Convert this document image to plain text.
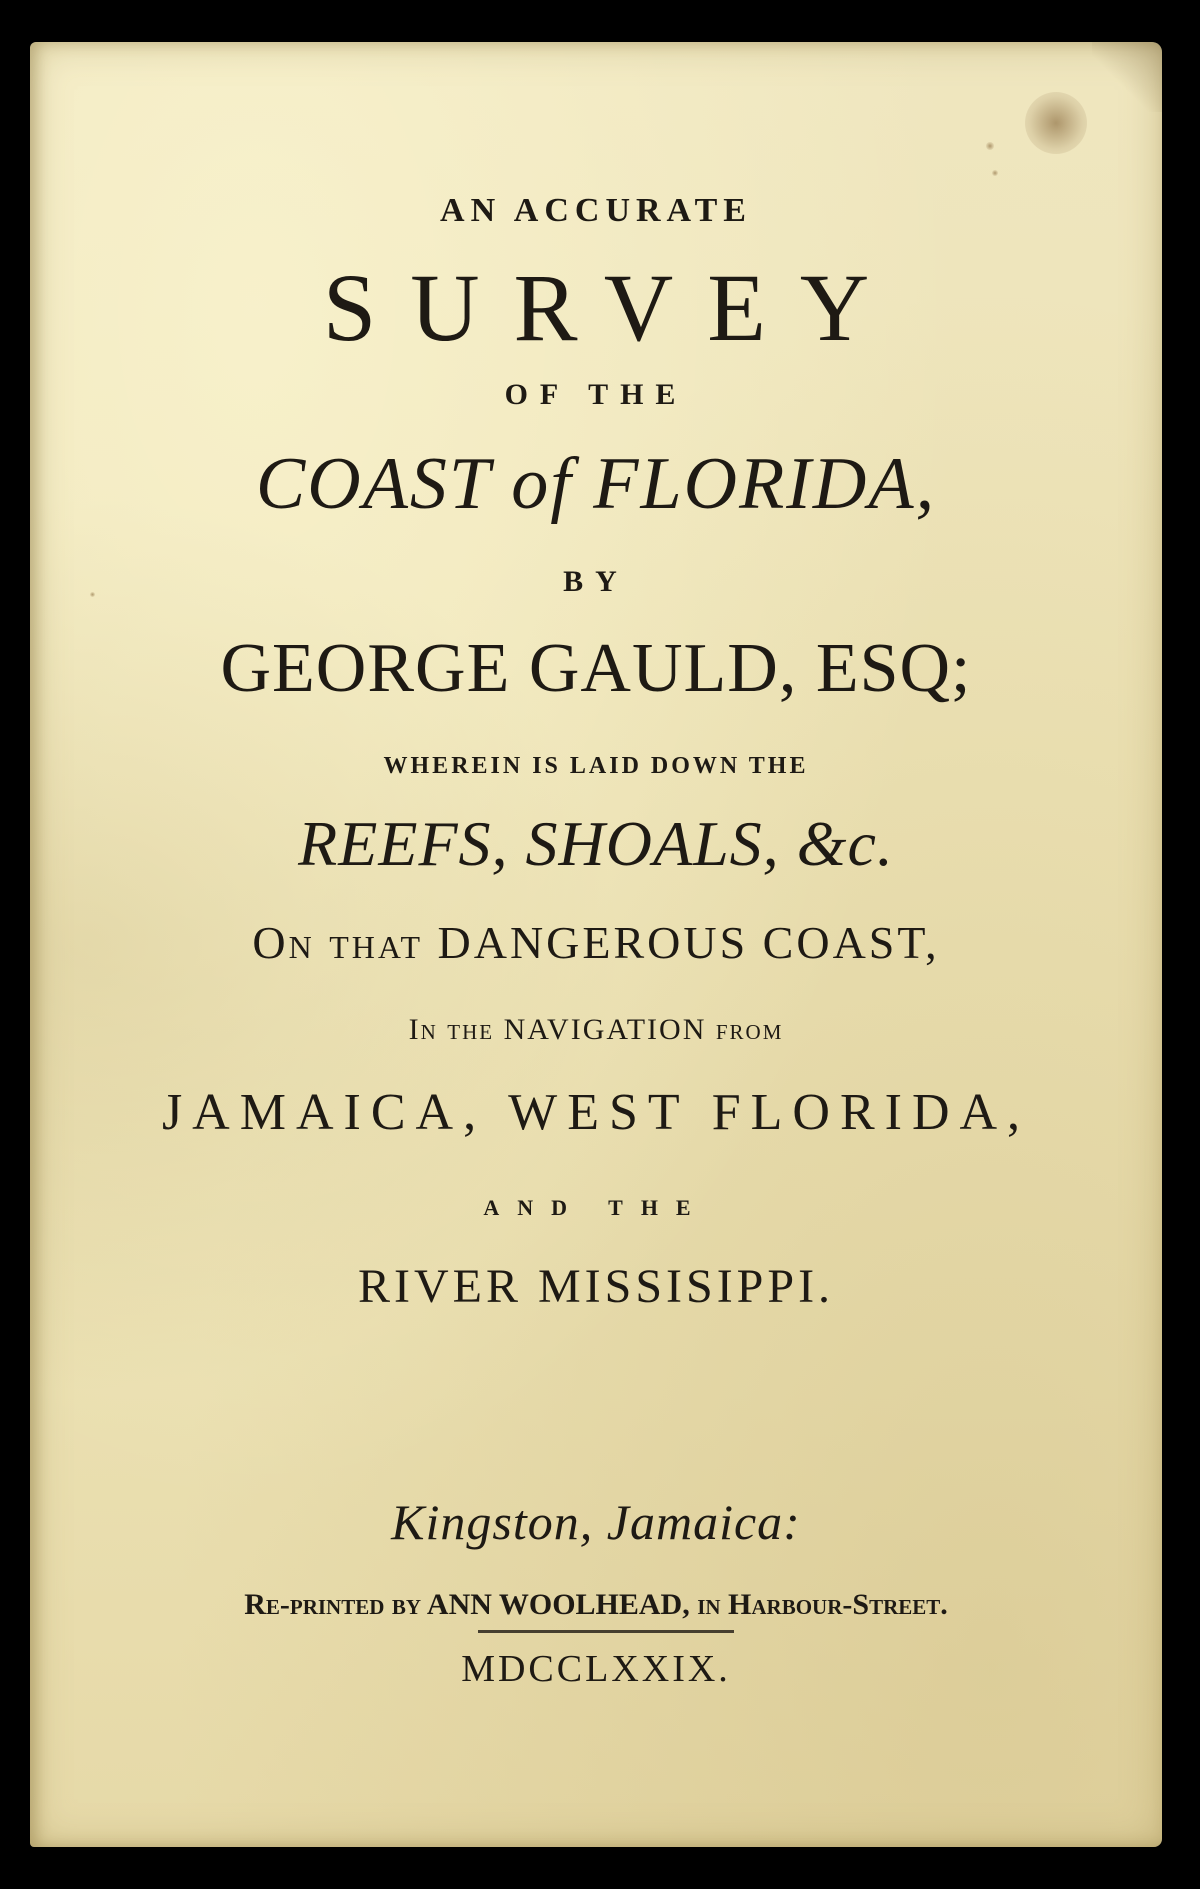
AN ACCURATE
SURVEY
OF THE
COAST of FLORIDA,
BY
GEORGE GAULD, ESQ;
WHEREIN IS LAID DOWN THE
REEFS, SHOALS, &c.
On that DANGEROUS COAST,
In the NAVIGATION from
JAMAICA, WEST FLORIDA,
AND THE
RIVER MISSISIPPI.
Kingston, Jamaica:
Re-printed by ANN WOOLHEAD, in Harbour-Street.
MDCCLXXIX.
